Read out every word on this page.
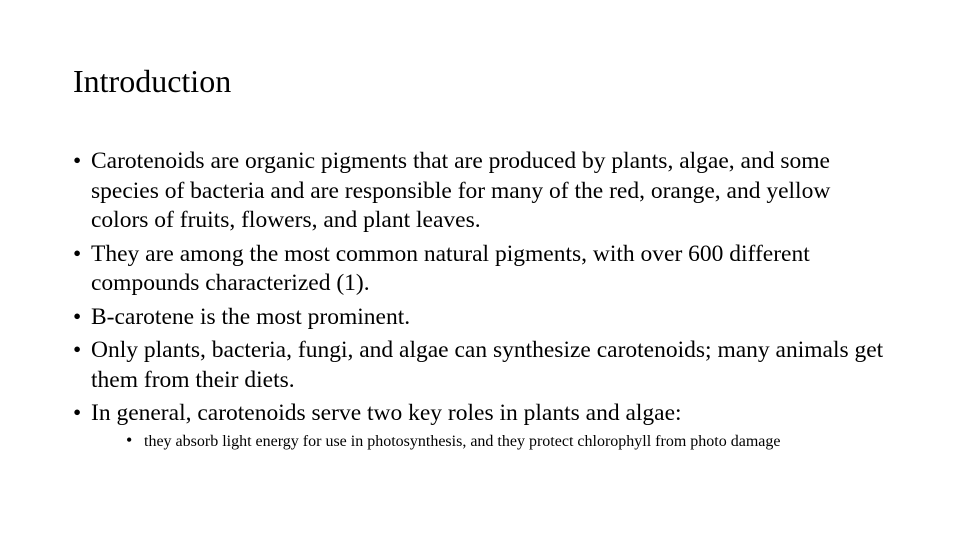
Introduction
• Carotenoids are organic pigments that are produced by plants, algae, and some species of bacteria and are responsible for many of the red, orange, and yellow colors of fruits, flowers, and plant leaves.
• They are among the most common natural pigments, with over 600 different compounds characterized (1).
• Β-carotene is the most prominent.
• Only plants, bacteria, fungi, and algae can synthesize carotenoids; many animals get them from their diets.
• In general, carotenoids serve two key roles in plants and algae:
• they absorb light energy for use in photosynthesis, and they protect chlorophyll from photo damage
